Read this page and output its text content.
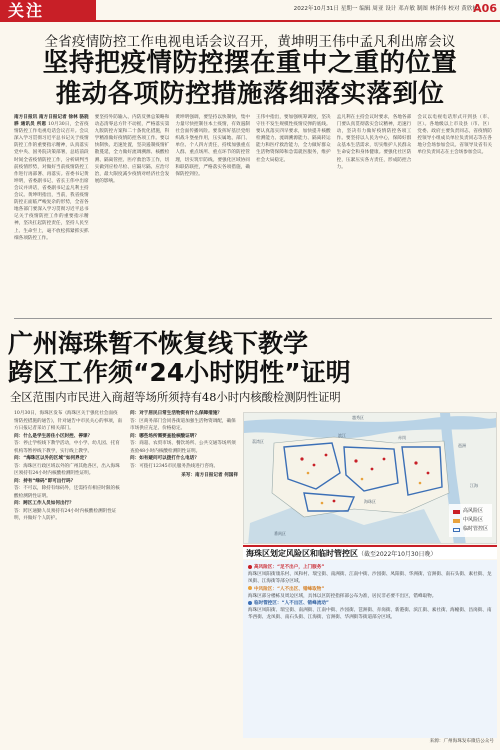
关注	2022年10月31日 星期一 编辑 周亚 设计 邓卉敏 制图 林泽伟 校对 黄欣林
A06
全省疫情防控工作电视电话会议召开，黄坤明王伟中孟凡利出席会议
坚持把疫情防控摆在重中之重的位置
推动各项防控措施落细落实落到位
南方日报讯 南方日报记者 徐林 骆骁骅 通讯员 所恩 10月30日，全省疫情防控工作电视电话会议召开。会议深入学习贯彻习近平总书记关于疫情防控工作的重要指示精神，认真落实党中央、国务院决策部署，总结前段时间全省疫情防控工作，分析研判当前疫情形势，对做好当前疫情防控工作进行再部署、再落实。省委书记黄坤明，省委副书记、省长王伟中出席会议并讲话，省委副书记孟凡利主持会议。黄坤明指出，当前，我省疫情防控正面临严峻复杂的形势，全省各地各部门要深入学习贯彻习近平总书记关于疫情防控工作的重要指示精神，坚决扛起防控责任，坚持人民至上、生命至上，毫不放松抓紧抓实抓细各项防控工作。
要坚持外防输入、内防反弹总策略和动态清零总方针不动摇，严格落实第九版防控方案和二十条优化措施，科学精准做好疫情防控各项工作。要以快制快、迅速处置，坚决遏制疫情扩散蔓延，全力做好流调溯源、核酸检测、隔离管控、医疗救治等工作，切实做到应检尽检、应隔尽隔、应治尽治，最大限度减少疫情对经济社会发展的影响。
黄坤明强调，要坚持以快制快，集中力量尽快控制住本土疫情，有效遏制社会面传播风险。要发挥好基层党组织战斗堡垒作用，压实属地、部门、单位、个人四方责任，持续加强重点人群、重点场所、重点环节的防控管理，切实筑牢防线。要强化区域协同和联防联控，严格落实各项措施，确保防控到位。
王伟中指出，要加强统筹调度，坚决守住不发生规模性疫情反弹的底线。要认真落实四早要求，加快提升核酸检测能力、流调溯源能力、隔离转运能力和医疗救治能力，全力做好群众生活物资保障和急需就医服务，维护社会大局稳定。
孟凡利在主持会议时要求，各地各部门要认真贯彻落实会议精神，迅速行动，坚决有力做好疫情防控各项工作。要坚持以人民为中心，保障好群众基本生活需求，切实维护人民群众生命安全和身体健康。要强化社区防控，压紧压实各方责任，形成防控合力。
会议以电视电话形式开到县（市、区）。各地级以上市及县（市、区）党委、政府主要负责同志，省疫情防控领导小组成员单位负责同志等在各地分会场参加会议。省领导及省有关单位负责同志在主会场参加会议。
广州海珠暂不恢复线下教学
跨区工作须“24小时阴性”证明
全区范围内市民进入商超等场所须持有48小时内核酸检测阴性证明
10月30日，海珠区发布《海珠区关于强化社会面疫情防控措施的通告》，针对通告中市民关心的事项，南方日报记者采访了相关部门。
问：什么是学生居住小区封控、停课？
答：停止学校线下教学活动，中小学、幼儿园、托育机构等暂停线下教学，实行线上教学。
问：“海珠区以外的区域”如何界定？
答：海珠区行政区域以外的广州其他各区，出入海珠区须持有24小时内核酸检测阴性证明。
问：持有“绿码”即可出行吗？
答：不可以，除持有绿码外，还需持有相应时限的核酸检测阴性证明。
问：跨区工作人员如何出行？
答：跨区通勤人员须持有24小时内核酸检测阴性证明，并做好个人防护。
问：对于居民日常生活物资有什么保障措施？
答：区商务部门会同各街道加强生活物资调配，确保市场供应充足、价格稳定。
问：哪些场所需要查验核酸证明？
答：商超、农贸市场、餐饮场所、公共交通等场所须查验48小时内核酸检测阴性证明。
问：如有疑问可以拨打什么电话？
答：可拨打12345市民服务热线进行咨询。
采写：南方日报记者 何国祥
荔湾区
越秀区
海珠区
番禺区
琶洲
赤岗
滨江
江海
高风险区
中风险区
临时管控区
海珠区划定风险区和临时管控区（截至2022年10月30日晚）
高风险区：“足不出户，上门服务”
海珠区凤阳街康乐村、凤和村、瑞宝街、南洲街、江南中街、沙园街、凤阳街、华洲街、官洲街、南石头街、素社街、龙凤街、江海街等部分区域。
中风险区：“人不出区、错峰取物”
海珠区部分楼栋及周边区域，具体以区防控指挥部公布为准，居民非必要不出区，错峰取物。
临时管控区：“人不出区、错峰流动”
海珠区凤阳街、瑞宝街、南洲街、江南中街、沙园街、琶洲街、赤岗街、新港街、滨江街、素社街、海幢街、昌岗街、南华西街、龙凤街、南石头街、江海街、官洲街、华洲街等街道部分区域。
来源：广州海珠发布微信公众号
